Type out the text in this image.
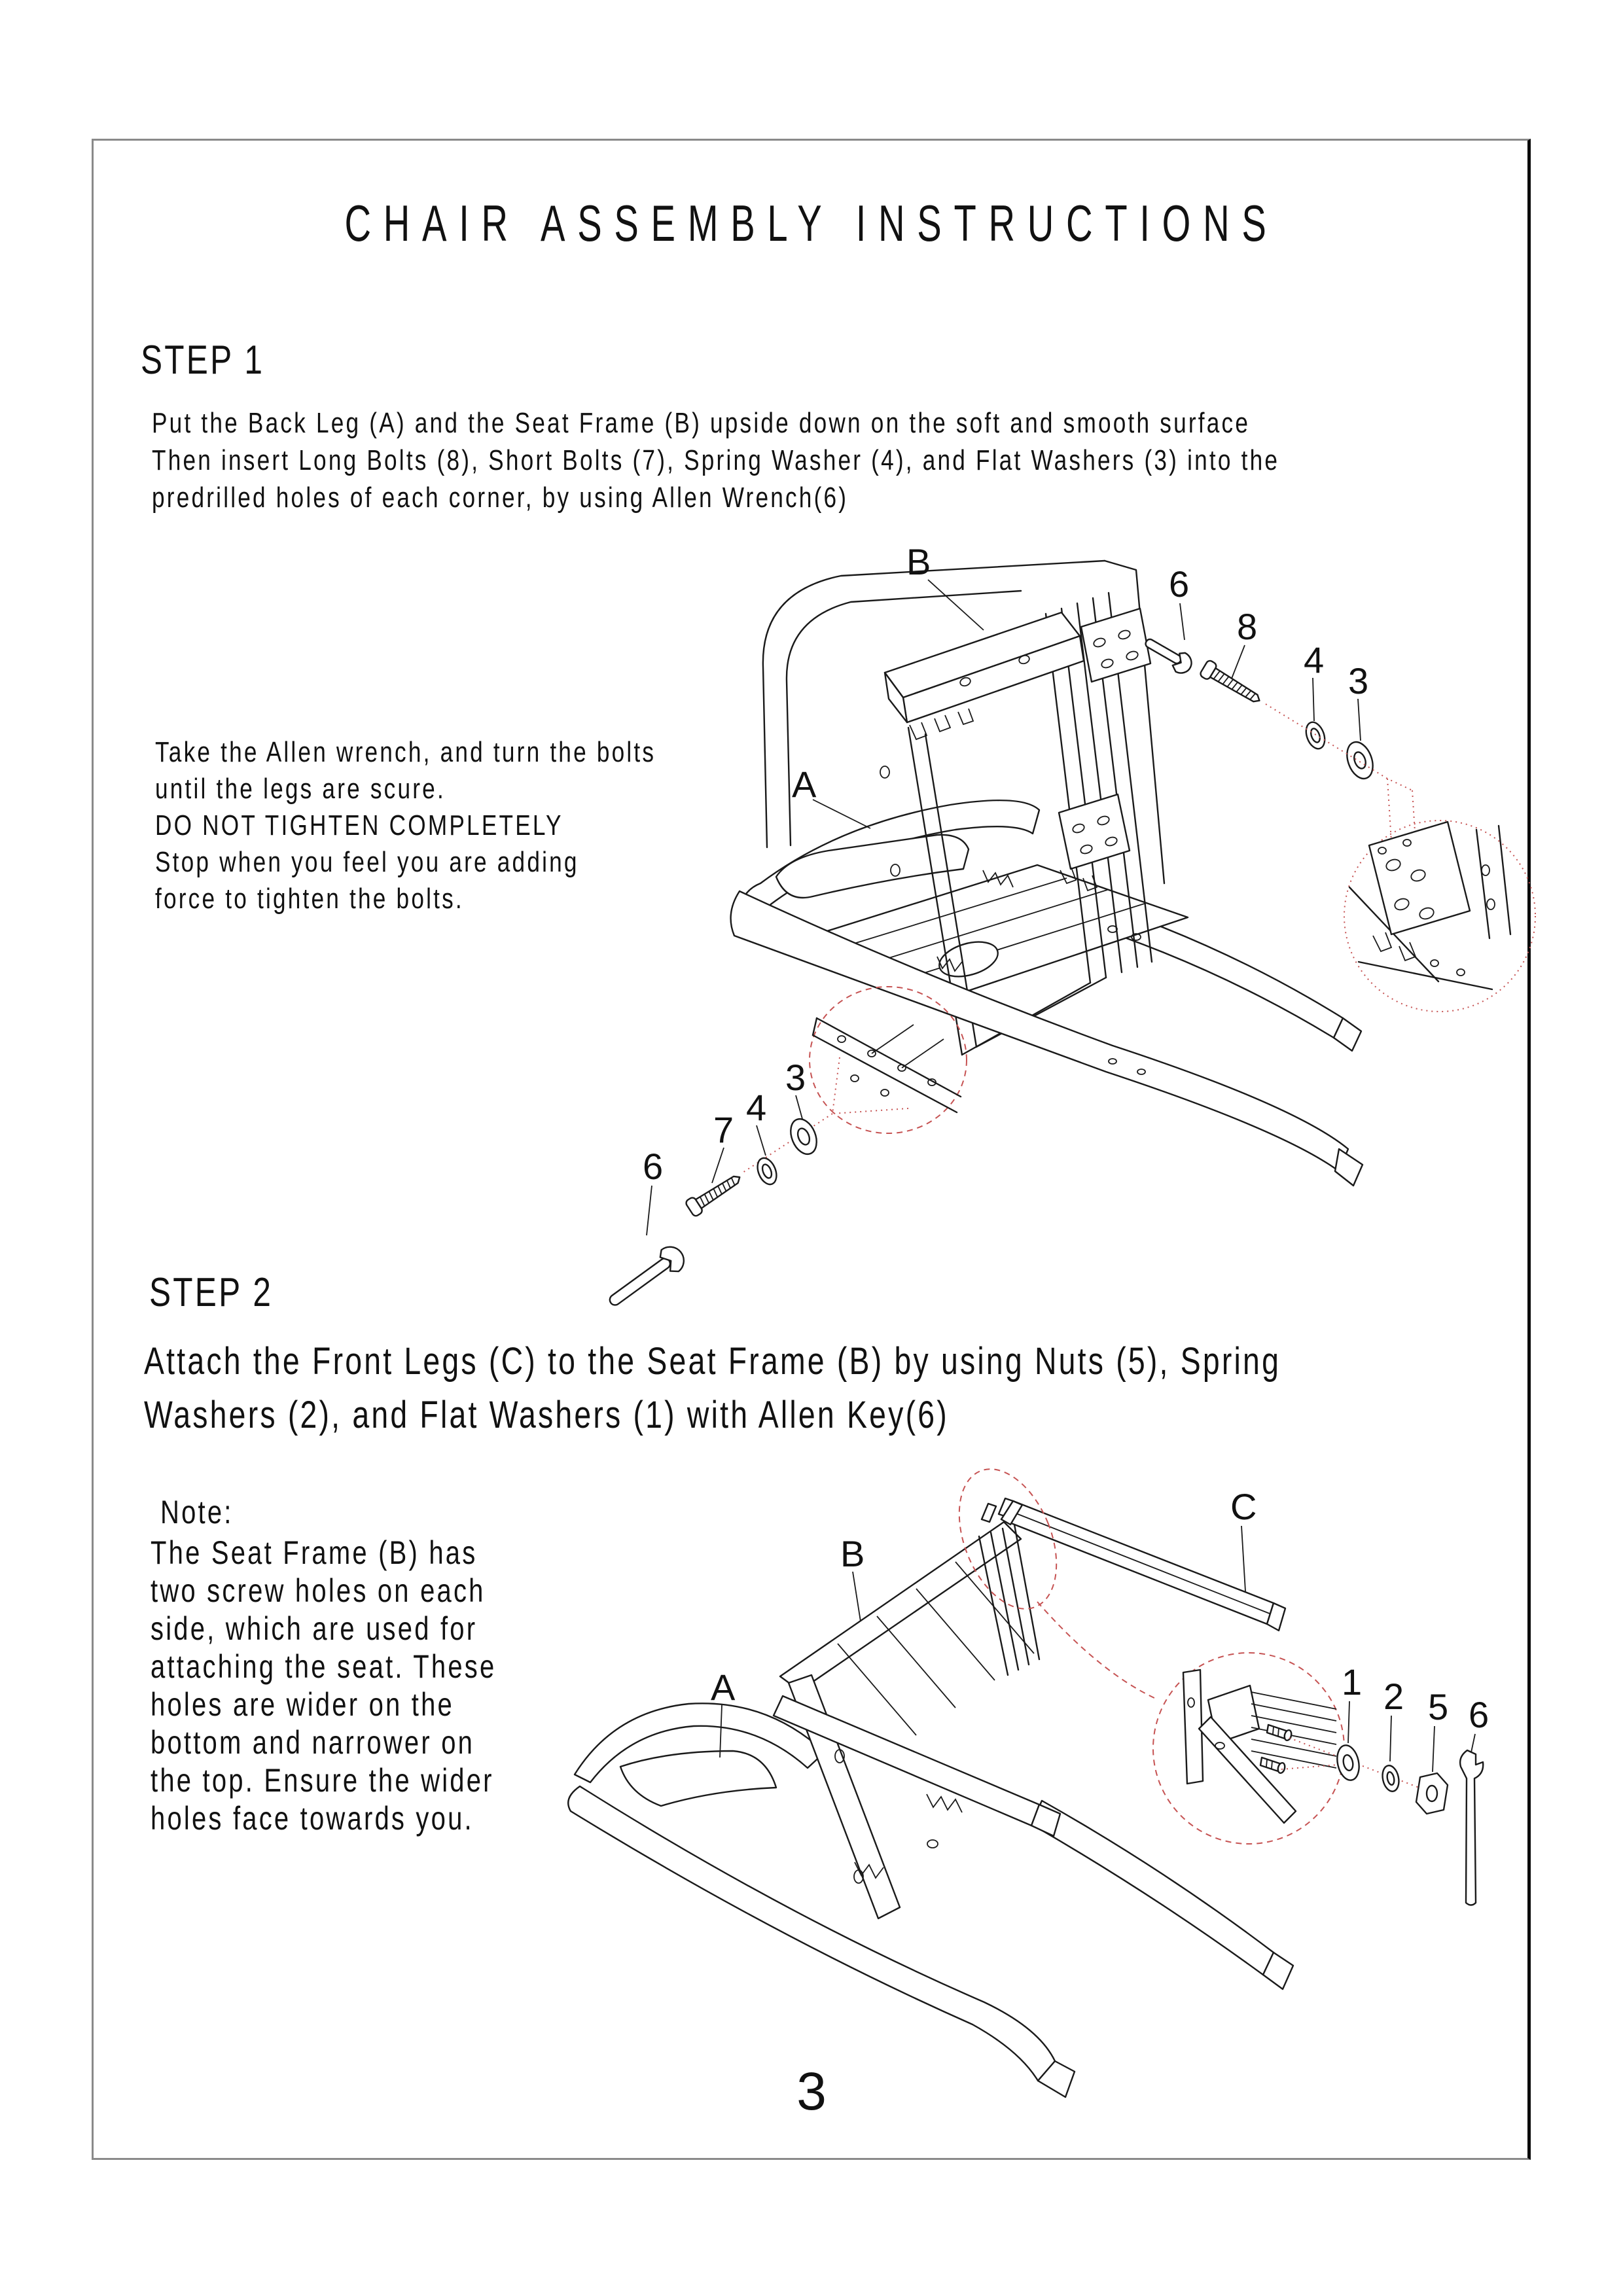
CHAIR ASSEMBLY INSTRUCTIONS
STEP 1
Put the Back Leg (A) and the Seat Frame (B) upside down on the soft and smooth surface
Then insert Long Bolts (8), Short Bolts (7), Spring Washer (4), and Flat Washers (3) into the
predrilled holes of each corner, by using Allen Wrench(6)
Take the Allen wrench, and turn the bolts
until the legs are scure.
DO NOT TIGHTEN COMPLETELY
Stop when you feel you are adding
force to tighten the bolts.
B
A
6
8
4
3
3
4
7
6
STEP 2
Attach the Front Legs (C) to the Seat Frame (B) by using Nuts (5), Spring
Washers (2), and Flat Washers (1) with Allen Key(6)
Note:
The Seat Frame (B) has
two screw holes on each
side, which are used for
attaching the seat. These
holes are wider on the
bottom and narrower on
the top. Ensure the wider
holes face towards you.
A
B
C
1 2 5 6
3
